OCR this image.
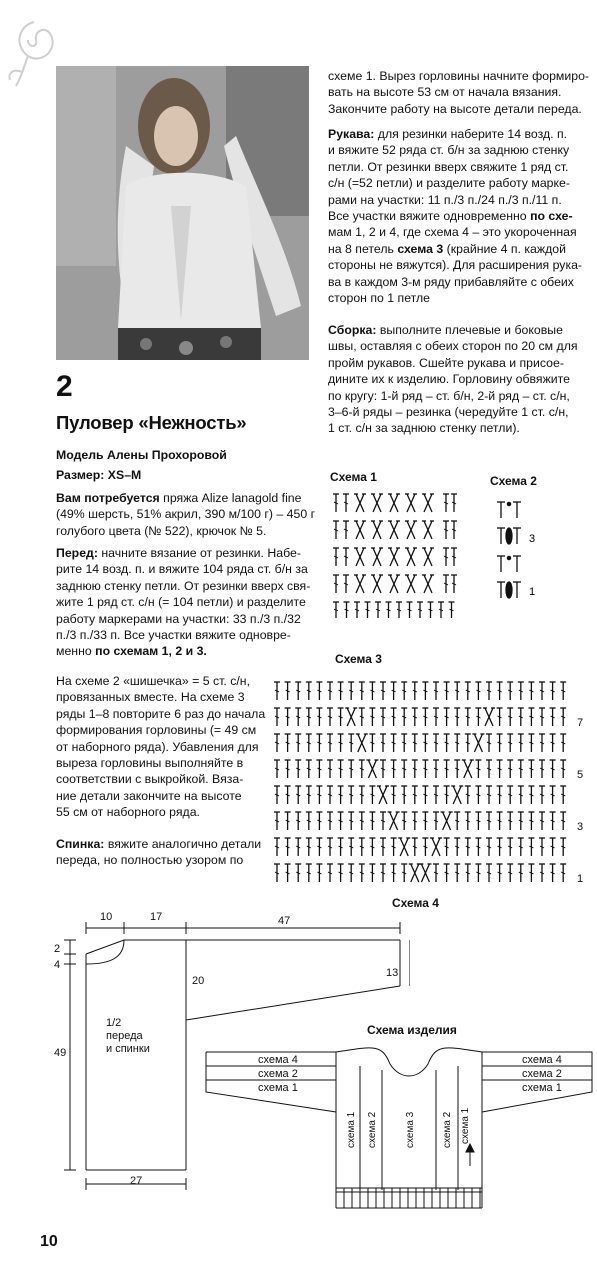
2
Пуловер «Нежность»
Модель Алены Прохоровой
Размер: XS–M
Вам потребуется пряжа Alize lanagold fine
(49% шерсть, 51% акрил, 390 м/100 г) – 450 г
голубого цвета (№ 522), крючок № 5.
Перед: начните вязание от резинки. Набе-
рите 14 возд. п. и вяжите 104 ряда ст. б/н за
заднюю стенку петли. От резинки вверх свя-
жите 1 ряд ст. с/н (= 104 петли) и разделите
работу маркерами на участки: 33 п./3 п./32
п./3 п./33 п. Все участки вяжите одновре-
менно по схемам 1, 2 и 3.
На схеме 2 «шишечка» = 5 ст. с/н,
провязанных вместе. На схеме 3
ряды 1–8 повторите 6 раз до начала
формирования горловины (= 49 см
от наборного ряда). Убавления для
выреза горловины выполняйте в
соответствии с выкройкой. Вяза-
ние детали закончите на высоте
55 см от наборного ряда.
Спинка: вяжите аналогично детали
переда, но полностью узором по
схеме 1. Вырез горловины начните формиро-
вать на высоте 53 см от начала вязания.
Закончите работу на высоте детали переда.
Рукава: для резинки наберите 14 возд. п.
и вяжите 52 ряда ст. б/н за заднюю стенку
петли. От резинки вверх свяжите 1 ряд ст.
с/н (=52 петли) и разделите работу марке-
рами на участки: 11 п./3 п./24 п./3 п./11 п.
Все участки вяжите одновременно по схе-
мам 1, 2 и 4, где схема 4 – это укороченная
на 8 петель схема 3 (крайние 4 п. каждой
стороны не вяжутся). Для расширения рука-
ва в каждом 3-м ряду прибавляйте с обеих
сторон по 1 петле
Сборка: выполните плечевые и боковые
швы, оставляя с обеих сторон по 20 см для
пройм рукавов. Сшейте рукава и присое-
дините их к изделию. Горловину обвяжите
по кругу: 1-й ряд – ст. б/н, 2-й ряд – ст. с/н,
3–6-й ряды – резинка (чередуйте 1 ст. с/н,
1 ст. с/н за заднюю стенку петли).
Схема 1	Схема 2
Схема 3
Схема 4
Схема изделия
3
1
7
5
3
1
10	17	47
2
4
49
20
13
27
1/2
переда
и спинки
схема 4
схема 2
схема 1
схема 4
схема 2
схема 1
схема 1 схема 2	схема 3	схема 2 схема 1
10
